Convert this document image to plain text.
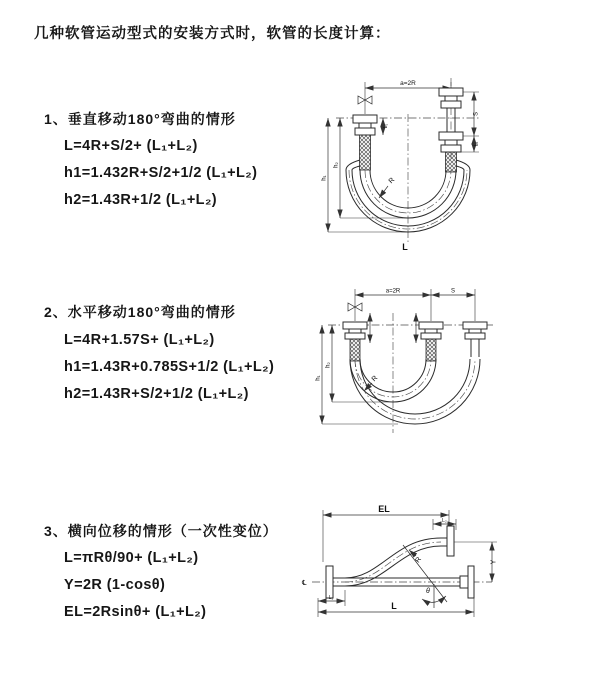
几种软管运动型式的安装方式时，软管的长度计算：

1、垂直移动180°弯曲的情形

L=4R+S/2+ (L₁+L₂)

h1=1.432R+S/2+1/2 (L₁+L₂)

h2=1.43R+1/2 (L₁+L₂)

2、水平移动180°弯曲的情形

L=4R+1.57S+ (L₁+L₂)

h1=1.43R+0.785S+1/2 (L₁+L₂)

h2=1.43R+S/2+1/2 (L₁+L₂)

3、横向位移的情形（一次性变位）

L=πRθ/90+ (L₁+L₂)

Y=2R (1-cosθ)

EL=2Rsinθ+ (L₁+L₂)

a=2R
L₁
S
L₂
h₂
h₁	R
L
a=2R	S
h₂
h₁	R
℄
EL
L₂
θ
R	Y
L₁
L
